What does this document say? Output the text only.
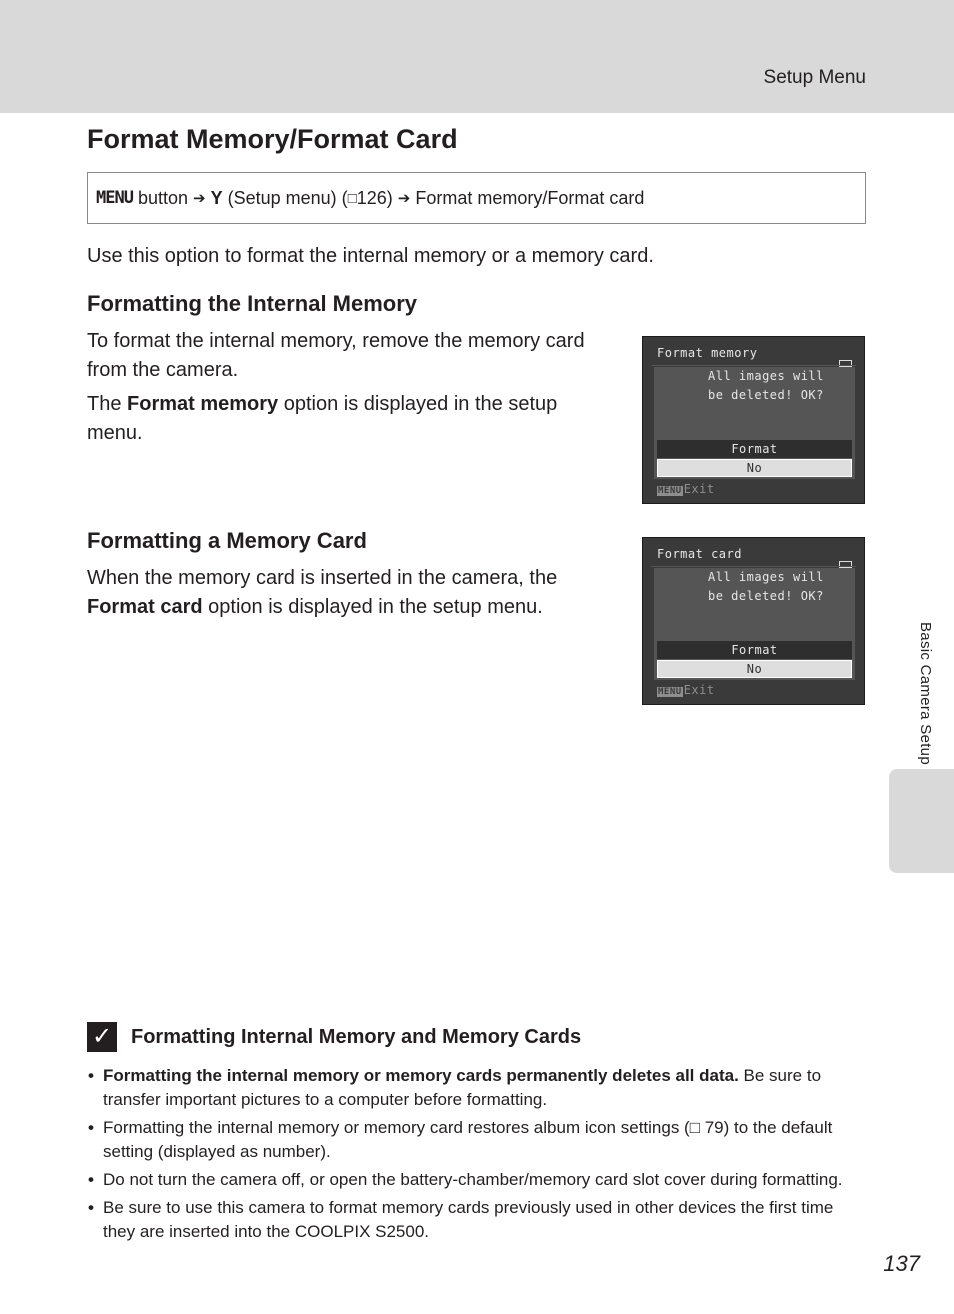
Setup Menu
Format Memory/Format Card
MENU button ➔ Y (Setup menu) ( □ 126) ➔ Format memory/Format card

Use this option to format the internal memory or a memory card.

Formatting the Internal Memory

To format the internal memory, remove the memory card from the camera.

The Format memory option is displayed in the setup menu.

Formatting a Memory Card

When the memory card is inserted in the camera, the Format card option is displayed in the setup menu.

Format memory
All images will
be deleted! OK?
Format
No
MENU Exit
Format card
All images will
be deleted! OK?
Format
No
MENU Exit	Basic Camera Setup
✓ Formatting Internal Memory and Memory Cards
• Formatting the internal memory or memory cards permanently deletes all data. Be sure to transfer important pictures to a computer before formatting.
• Formatting the internal memory or memory card restores album icon settings (□ 79) to the default setting (displayed as number).
• Do not turn the camera off, or open the battery-chamber/memory card slot cover during formatting.
• Be sure to use this camera to format memory cards previously used in other devices the first time they are inserted into the COOLPIX S2500.
137
